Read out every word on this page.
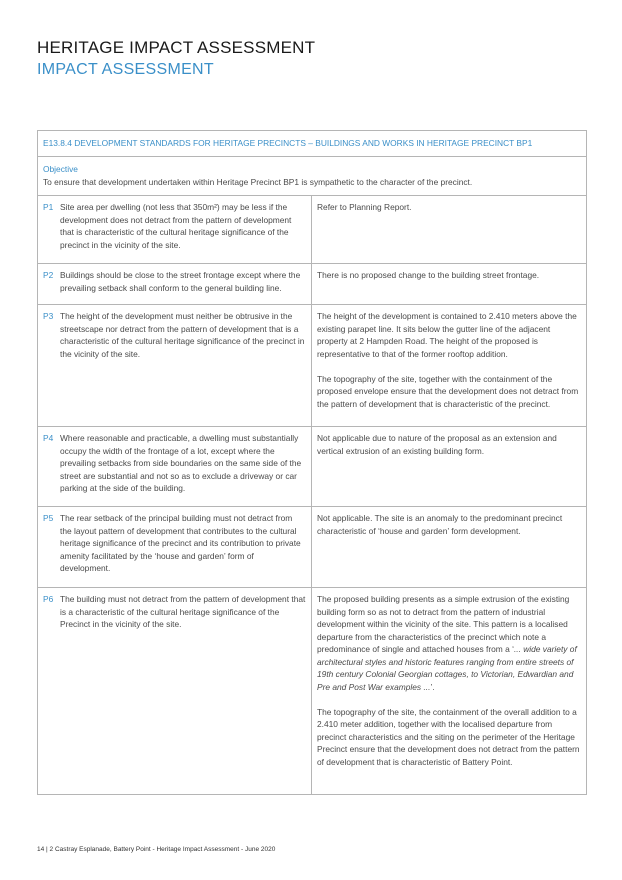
HERITAGE IMPACT ASSESSMENT
IMPACT ASSESSMENT
E13.8.4 DEVELOPMENT STANDARDS FOR HERITAGE PRECINCTS – BUILDINGS AND WORKS IN HERITAGE PRECINCT BP1
Objective
To ensure that development undertaken within Heritage Precinct BP1 is sympathetic to the character of the precinct.
P1 Site area per dwelling (not less that 350m²) may be less if the development does not detract from the pattern of development that is characteristic of the cultural heritage significance of the precinct in the vicinity of the site.

Refer to Planning Report.

P2 Buildings should be close to the street frontage except where the prevailing setback shall conform to the general building line.

There is no proposed change to the building street frontage.

P3 The height of the development must neither be obtrusive in the streetscape nor detract from the pattern of development that is a characteristic of the cultural heritage significance of the precinct in the vicinity of the site.

The height of the development is contained to 2.410 meters above the existing parapet line. It sits below the gutter line of the adjacent property at 2 Hampden Road. The height of the proposed is representative to that of the former rooftop addition.

The topography of the site, together with the containment of the proposed envelope ensure that the development does not detract from the pattern of development that is characteristic of the precinct.

P4 Where reasonable and practicable, a dwelling must substantially occupy the width of the frontage of a lot, except where the prevailing setbacks from side boundaries on the same side of the street are substantial and not so as to exclude a driveway or car parking at the side of the building.

Not applicable due to nature of the proposal as an extension and vertical extrusion of an existing building form.

P5 The rear setback of the principal building must not detract from the layout pattern of development that contributes to the cultural heritage significance of the precinct and its contribution to private amenity facilitated by the ‘house and garden’ form of development.

Not applicable. The site is an anomaly to the predominant precinct characteristic of ‘house and garden’ form development.

P6 The building must not detract from the pattern of development that is a characteristic of the cultural heritage significance of the Precinct in the vicinity of the site.

The proposed building presents as a simple extrusion of the existing building form so as not to detract from the pattern of industrial development within the vicinity of the site. This pattern is a localised departure from the characteristics of the precinct which note a predominance of single and attached houses from a ‘... wide variety of architectural styles and historic features ranging from entire streets of 19th century Colonial Georgian cottages, to Victorian, Edwardian and Pre and Post War examples ...’.

The topography of the site, the containment of the overall addition to a 2.410 meter addition, together with the localised departure from precinct characteristics and the siting on the perimeter of the Heritage Precinct ensure that the development does not detract from the pattern of development that is characteristic of Battery Point.

14 | 2 Castray Esplanade, Battery Point - Heritage Impact Assessment - June 2020
